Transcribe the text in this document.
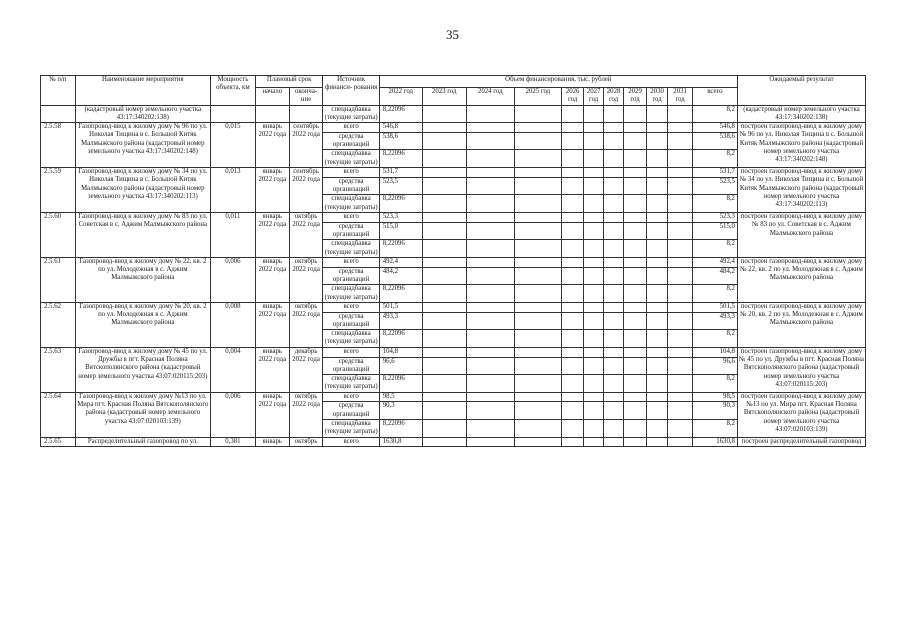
35
№ п/п	Наименование мероприятия	Мощность объекта, км	Плановый срок		Источник финанси- рования	Объем финансирования, тыс. рублей											Ожидаемый результат
			начало	оконча- ние		2022 год	2023 год	2024 год	2025 год	2026 год	2027 год	2028 год	2029 год	2030 год	2031 год	всего	
	(кадастровый номер земельного участка 43:17:340202:138)				спецнадбавка (текущие затраты)	8,22096										8,2	(кадастровый номер земельного участка 43:17:340202:138)
2.5.58	Газопровод-ввод к жилому дому № 96 по ул. Николая Тищина в с. Большой Китяк Малмыжского района (кадастровый номер земельного участка 43:17:340202:148)	0,015	январь 2022 года	сентябрь 2022 года	всего	546,8										546,8	построен газопровод-ввод к жилому дому № 96 по ул. Николая Тищина в с. Большой Китяк Малмыжского района (кадастровый номер земельного участка 43:17:340202:148)
					средства организаций	538,6										538,6	
					спецнадбавка (текущие затраты)	8,22096										8,2	
2.5.59	Газопровод-ввод к жилому дому № 34 по ул. Николая Тищина в с. Большой Китяк Малмыжского района (кадастровый номер земельного участка 43:17:340202:113)	0,013	январь 2022 года	сентябрь 2022 года	всего	531,7										531,7	построен газопровод-ввод к жилому дому № 34 по ул. Николая Тищина в с. Большой Китяк Малмыжского района (кадастровый номер земельного участка 43:17:340202:113)
					средства организаций	523,5										523,5	
					спецнадбавка (текущие затраты)	8,22096										8,2	
2.5.60	Газопровод-ввод к жилому дому № 83 по ул. Советская в с. Аджим Малмыжского района	0,011	январь 2022 года	октябрь 2022 года	всего	523,3										523,3	построен газопровод-ввод к жилому дому № 83 по ул. Советская в с. Аджим Малмыжского района
					средства организаций	515,0										515,0	
					спецнадбавка (текущие затраты)	8,22096										8,2	
2.5.61	Газопровод-ввод к жилому дому № 22, кв. 2 по ул. Молодежная в с. Аджим Малмыжского района	0,006	январь 2022 года	октябрь 2022 года	всего	492,4										492,4	построен газопровод-ввод к жилому дому № 22, кв. 2 по ул. Молодежная в с. Аджим Малмыжского района
					средства организаций	484,2										484,2	
					спецнадбавка (текущие затраты)	8,22096										8,2	
2.5.62	Газопровод-ввод к жилому дому № 20, кв. 2 по ул. Молодежная в с. Аджим Малмыжского района	0,008	январь 2022 года	октябрь 2022 года	всего	501,5										501,5	построен газопровод-ввод к жилому дому № 20, кв. 2 по ул. Молодежная в с. Аджим Малмыжского района
					средства организаций	493,3										493,3	
					спецнадбавка (текущие затраты)	8,22096										8,2	
2.5.63	Газопровод-ввод к жилому дому № 45 по ул. Дружбы в пгт. Красная Поляна Вятскополянского района (кадастровый номер земельного участка 43:07:020115:203)	0,004	январь 2022 года	декабрь 2022 года	всего	104,8										104,8	построен газопровод-ввод к жилому дому № 45 по ул. Дружбы в пгт. Красная Поляна Вятскополянского района (кадастровый номер земельного участка 43:07:020115:203)
					средства организаций	96,6										96,6	
					спецнадбавка (текущие затраты)	8,22096										8,2	
2.5.64	Газопровод-ввод к жилому дому №13 по ул. Мира пгт. Красная Поляна Вятскополянского района (кадастровый номер земельного участка 43:07:020103:139)	0,006	январь 2022 года	октябрь 2022 года	всего	98,5										98,5	построен газопровод-ввод к жилому дому №13 по ул. Мира пгт. Красная Поляна Вятскополянского района (кадастровый номер земельного участка 43:07:020103:139)
					средства организаций	90,3										90,3	
					спецнадбавка (текущие затраты)	8,22096										8,2	
2.5.65	Распределительный газопровод по ул.	0,381	январь	октябрь	всего	1630,8										1630,8	построен распределительный газопровод
